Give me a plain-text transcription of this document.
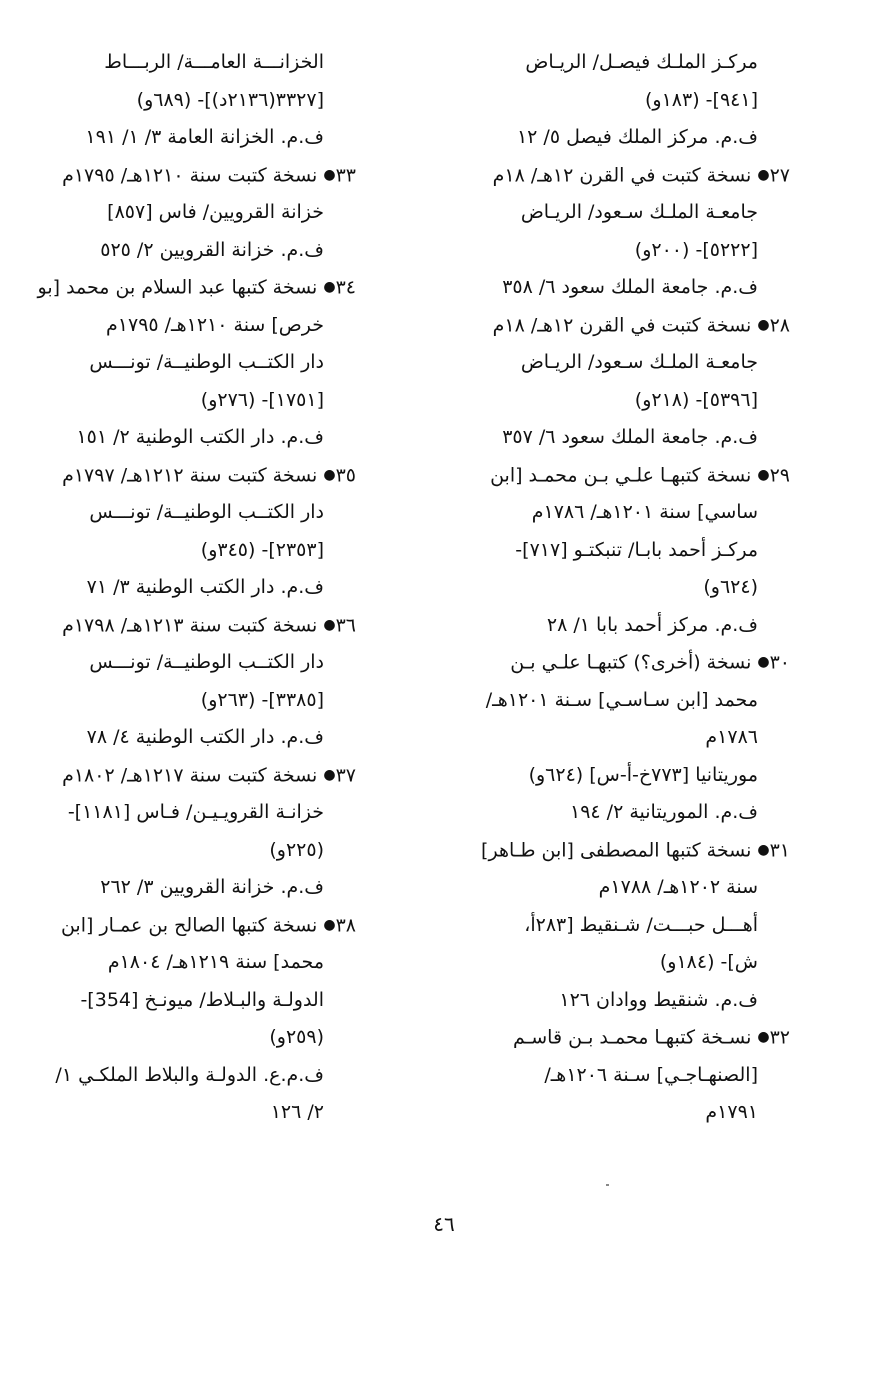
مركـز الملـك فيصـل/ الريـاض
[٩٤١]- (١٨٣و)
ف.م. مركز الملك فيصل ٥/ ١٢
٢٧●نسخة كتبت في القرن ١٢هـ/ ١٨م
جامعـة الملـك سـعود/ الريـاض
[٥٢٢٢]- (٢٠٠و)
ف.م. جامعة الملك سعود ٦/ ٣٥٨
٢٨●نسخة كتبت في القرن ١٢هـ/ ١٨م
جامعـة الملـك سـعود/ الريـاض
[٥٣٩٦]- (٢١٨و)
ف.م. جامعة الملك سعود ٦/ ٣٥٧
٢٩●نسخة كتبهـا علـي بـن محمـد [ابن
ساسي] سنة ١٢٠١هـ/ ١٧٨٦م
مركـز أحمد بابـا/ تنبكتـو [٧١٧]-
(٦٢٤و)
ف.م. مركز أحمد بابا ١/ ٢٨
٣٠●نسخة (أخرى؟) كتبهـا علـي بـن
محمد [ابن سـاسـي] سـنة ١٢٠١هـ/
١٧٨٦م
موريتانيا [٧٧٣خ-أ-س] (٦٢٤و)
ف.م. الموريتانية ٢/ ١٩٤
٣١●نسخة كتبها المصطفى [ابن طـاهر]
سنة ١٢٠٢هـ/ ١٧٨٨م
أهـــل حبـــت/ شـنقيط [٢٨٣أ،
ش]- (١٨٤و)
ف.م. شنقيط ووادان ١٢٦
٣٢●نسـخة كتبهـا محمـد بـن قاسـم
[الصنهـاجـي] سـنة ١٢٠٦هـ/
١٧٩١م
الخزانـــة العامـــة/ الربـــاط
[٣٣٢٧(٢١٣٦د)]- (٦٨٩و)
ف.م. الخزانة العامة ٣/ ١/ ١٩١
٣٣●نسخة كتبت سنة ١٢١٠هـ/ ١٧٩٥م
خزانة القرويين/ فاس [٨٥٧]
ف.م. خزانة القرويين ٢/ ٥٢٥
٣٤●نسخة كتبها عبد السلام بن محمد [بو
خرص] سنة ١٢١٠هـ/ ١٧٩٥م
دار الكتــب الوطنيــة/ تونـــس
[١٧٥١]- (٢٧٦و)
ف.م. دار الكتب الوطنية ٢/ ١٥١
٣٥●نسخة كتبت سنة ١٢١٢هـ/ ١٧٩٧م
دار الكتــب الوطنيــة/ تونـــس
[٢٣٥٣]- (٣٤٥و)
ف.م. دار الكتب الوطنية ٣/ ٧١
٣٦●نسخة كتبت سنة ١٢١٣هـ/ ١٧٩٨م
دار الكتــب الوطنيــة/ تونـــس
[٣٣٨٥]- (٢٦٣و)
ف.م. دار الكتب الوطنية ٤/ ٧٨
٣٧●نسخة كتبت سنة ١٢١٧هـ/ ١٨٠٢م
خزانـة القرويـيـن/ فـاس [١١٨١]-
(٢٢٥و)
ف.م. خزانة القرويين ٣/ ٢٦٢
٣٨●نسخة كتبها الصالح بن عمـار [ابن
محمد] سنة ١٢١٩هـ/ ١٨٠٤م
الدولـة والبـلاط/ ميونـخ [354]-
(٢٥٩و)
ف.م.ع. الدولـة والبلاط الملكـي ١/
٢/ ١٢٦
٤٦
